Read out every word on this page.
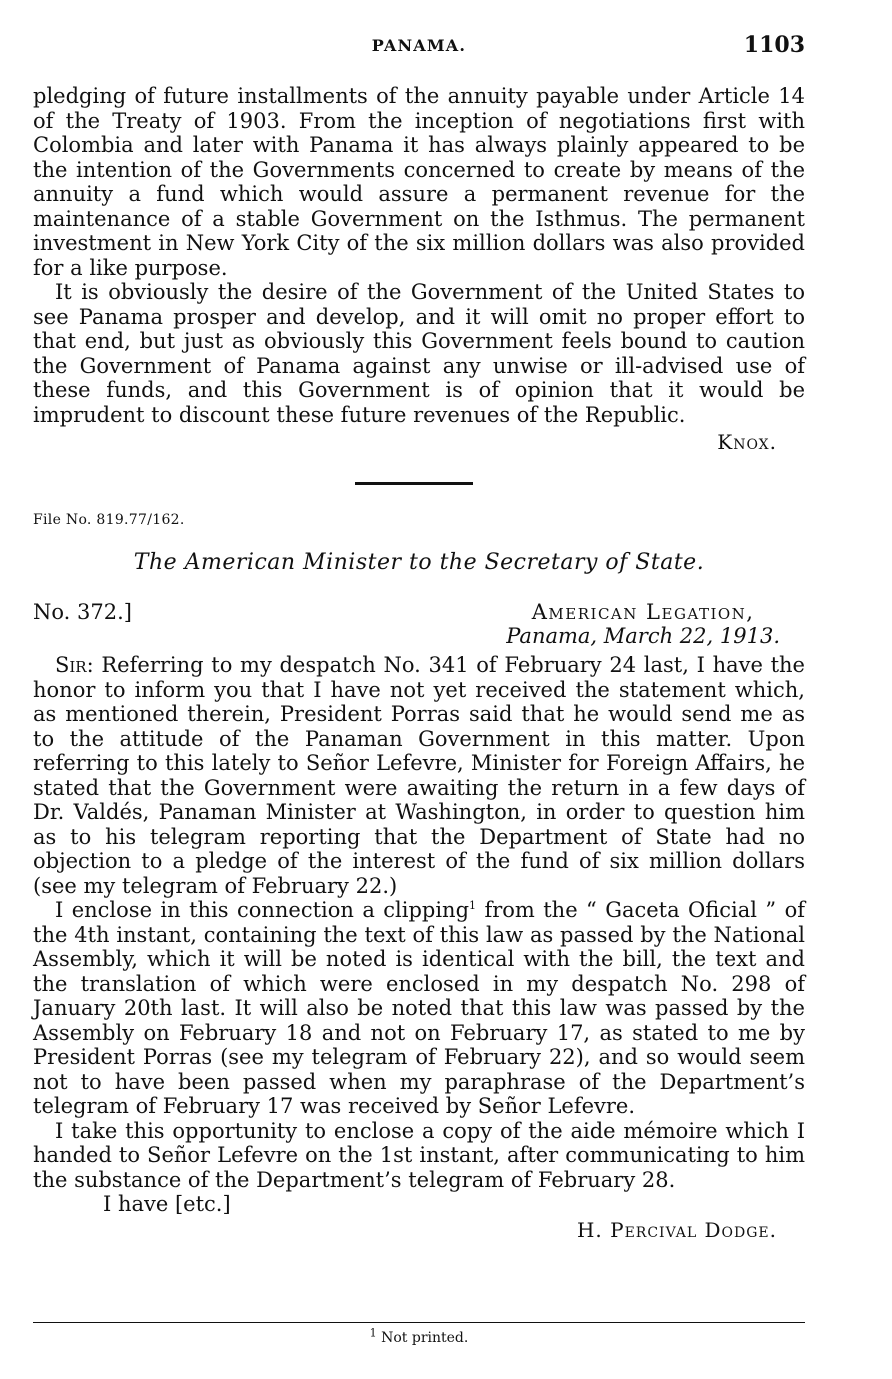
PANAMA.	1103

pledging of future installments of the annuity payable under Article 14 of the Treaty of 1903. From the inception of negotiations first with Colombia and later with Panama it has always plainly appeared to be the intention of the Governments concerned to create by means of the annuity a fund which would assure a permanent revenue for the maintenance of a stable Government on the Isthmus. The permanent investment in New York City of the six million dollars was also provided for a like purpose.

It is obviously the desire of the Government of the United States to see Panama prosper and develop, and it will omit no proper effort to that end, but just as obviously this Government feels bound to caution the Government of Panama against any unwise or ill-advised use of these funds, and this Government is of opinion that it would be imprudent to discount these future revenues of the Republic.

Knox.
File No. 819.77/162.
The American Minister to the Secretary of State.
No. 372.]	American Legation,
Panama, March 22, 1913.

Sir: Referring to my despatch No. 341 of February 24 last, I have the honor to inform you that I have not yet received the statement which, as mentioned therein, President Porras said that he would send me as to the attitude of the Panaman Government in this matter. Upon referring to this lately to Señor Lefevre, Minister for Foreign Affairs, he stated that the Government were awaiting the return in a few days of Dr. Valdés, Panaman Minister at Washington, in order to question him as to his telegram reporting that the Department of State had no objection to a pledge of the interest of the fund of six million dollars (see my telegram of February 22.)

I enclose in this connection a clipping$^1$ from the “ Gaceta Oficial ” of the 4th instant, containing the text of this law as passed by the National Assembly, which it will be noted is identical with the bill, the text and the translation of which were enclosed in my despatch No. 298 of January 20th last. It will also be noted that this law was passed by the Assembly on February 18 and not on February 17, as stated to me by President Porras (see my telegram of February 22), and so would seem not to have been passed when my paraphrase of the Department’s telegram of February 17 was received by Señor Lefevre.

I take this opportunity to enclose a copy of the aide mémoire which I handed to Señor Lefevre on the 1st instant, after communicating to him the substance of the Department’s telegram of February 28.

I have [etc.]
H. Percival Dodge.
$^1$ Not printed.
